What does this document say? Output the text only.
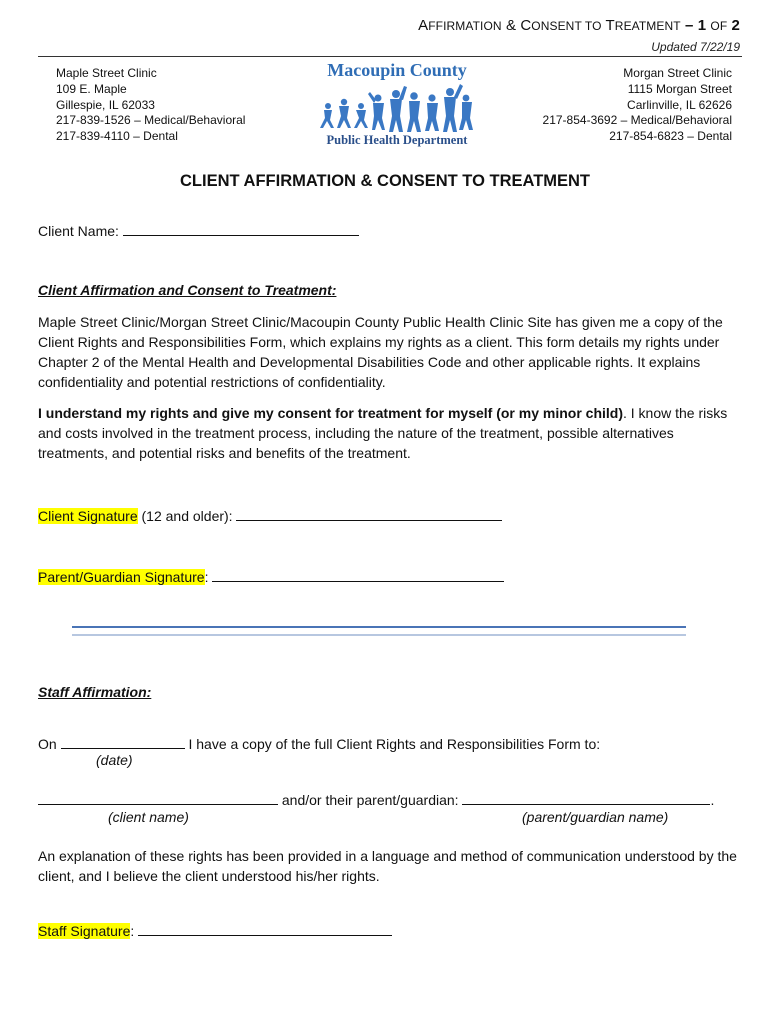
AFFIRMATION & CONSENT TO TREATMENT – 1 OF 2
Updated 7/22/19
Maple Street Clinic
109 E. Maple
Gillespie, IL 62033
217-839-1526 – Medical/Behavioral
217-839-4110 – Dental
Macoupin County
Public Health Department
Morgan Street Clinic
1115 Morgan Street
Carlinville, IL 62626
217-854-3692 – Medical/Behavioral
217-854-6823 – Dental
CLIENT AFFIRMATION & CONSENT TO TREATMENT
Client Name:
Client Affirmation and Consent to Treatment:
Maple Street Clinic/Morgan Street Clinic/Macoupin County Public Health Clinic Site has given me a copy of the Client Rights and Responsibilities Form, which explains my rights as a client. This form details my rights under Chapter 2 of the Mental Health and Developmental Disabilities Code and other applicable rights. It explains confidentiality and potential restrictions of confidentiality.
I understand my rights and give my consent for treatment for myself (or my minor child). I know the risks and costs involved in the treatment process, including the nature of the treatment, possible alternatives treatments, and potential risks and benefits of the treatment.
Client Signature (12 and older):
Parent/Guardian Signature:
Staff Affirmation:
On	I have a copy of the full Client Rights and Responsibilities Form to:
(date)
and/or their parent/guardian:	.
(client name)	(parent/guardian name)
An explanation of these rights has been provided in a language and method of communication understood by the client, and I believe the client understood his/her rights.
Staff Signature:
